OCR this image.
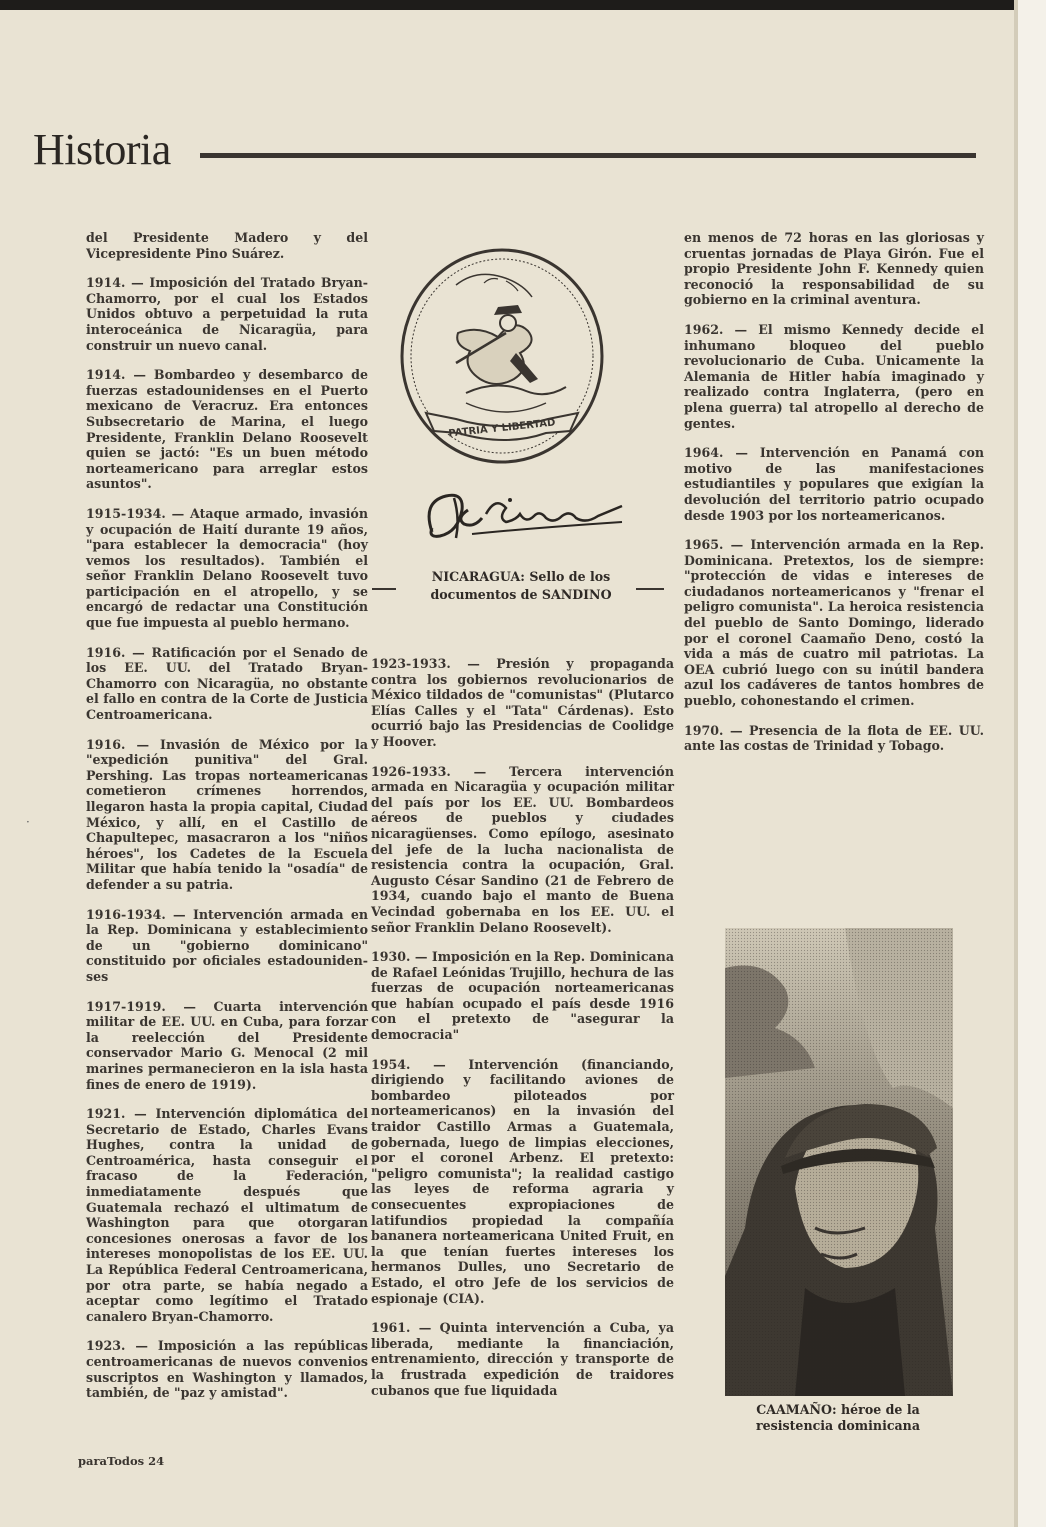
Historia
·

del Presidente Madero y del Vicepresidente Pino Suárez.

1914. — Imposición del Tratado Bryan-Chamorro, por el cual los Estados Unidos obtuvo a perpetuidad la ruta interoceánica de Nicaragüa, para construir un nuevo canal.

1914. — Bombardeo y desembarco de fuerzas estadounidenses en el Puerto mexicano de Veracruz. Era entonces Subsecretario de Marina, el luego Presidente, Franklin Delano Roosevelt quien se jactó: "Es un buen método norteamericano para arreglar estos asuntos".

1915-1934. — Ataque armado, invasión y ocupación de Haití durante 19 años, "para establecer la democracia" (hoy vemos los resultados). También el señor Franklin Delano Roosevelt tuvo participación en el atropello, y se encargó de redactar una Constitución que fue impuesta al pueblo hermano.

1916. — Ratificación por el Senado de los EE. UU. del Tratado Bryan-Chamorro con Nicaragüa, no obstante el fallo en contra de la Corte de Justicia Centroamericana.

1916. — Invasión de México por la "expedición punitiva" del Gral. Pershing. Las tropas norteamericanas cometieron crímenes horrendos, llegaron hasta la propia capital, Ciudad México, y allí, en el Castillo de Chapultepec, masacraron a los "niños héroes", los Cadetes de la Escuela Militar que había tenido la "osadía" de defender a su patria.

1916-1934. — Intervención armada en la Rep. Dominicana y establecimiento de un "gobierno dominicano" constituido por oficiales estadounidenses

1917-1919. — Cuarta intervención militar de EE. UU. en Cuba, para forzar la reelección del Presidente conservador Mario G. Menocal (2 mil marines permanecieron en la isla hasta fines de enero de 1919).

1921. — Intervención diplomática del Secretario de Estado, Charles Evans Hughes, contra la unidad de Centroamérica, hasta conseguir el fracaso de la Federación, inmediatamente después que Guatemala rechazó el ultimatum de Washington para que otorgaran concesiones onerosas a favor de los intereses monopolistas de los EE. UU. La República Federal Centroamericana, por otra parte, se había negado a aceptar como legítimo el Tratado canalero Bryan-Chamorro.

1923. — Imposición a las repúblicas centroamericanas de nuevos convenios suscriptos en Washington y llamados, también, de "paz y amistad".

PATRIA Y LIBERTAD
NICARAGUA: Sello de los
documentos de SANDINO

1923-1933. — Presión y propaganda contra los gobiernos revolucionarios de México tildados de "comunistas" (Plutarco Elías Calles y el "Tata" Cárdenas). Esto ocurrió bajo las Presidencias de Coolidge y Hoover.

1926-1933. — Tercera intervención armada en Nicaragüa y ocupación militar del país por los EE. UU. Bombardeos aéreos de pueblos y ciudades nicaragüenses. Como epílogo, asesinato del jefe de la lucha nacionalista de resistencia contra la ocupación, Gral. Augusto César Sandino (21 de Febrero de 1934, cuando bajo el manto de Buena Vecindad gobernaba en los EE. UU. el señor Franklin Delano Roosevelt).

1930. — Imposición en la Rep. Dominicana de Rafael Leónidas Trujillo, hechura de las fuerzas de ocupación norteamericanas que habían ocupado el país desde 1916 con el pretexto de "asegurar la democracia"

1954. — Intervención (financiando, dirigiendo y facilitando aviones de bombardeo piloteados por norteamericanos) en la invasión del traidor Castillo Armas a Guatemala, gobernada, luego de limpias elecciones, por el coronel Arbenz. El pretexto: "peligro comunista"; la realidad castigo las leyes de reforma agraria y consecuentes expropiaciones de latifundios propiedad la compañía bananera norteamericana United Fruit, en la que tenían fuertes intereses los hermanos Dulles, uno Secretario de Estado, el otro Jefe de los servicios de espionaje (CIA).

1961. — Quinta intervención a Cuba, ya liberada, mediante la financiación, entrenamiento, dirección y transporte de la frustrada expedición de traidores cubanos que fue liquidada

en menos de 72 horas en las gloriosas y cruentas jornadas de Playa Girón. Fue el propio Presidente John F. Kennedy quien reconoció la responsabilidad de su gobierno en la criminal aventura.

1962. — El mismo Kennedy decide el inhumano bloqueo del pueblo revolucionario de Cuba. Unicamente la Alemania de Hitler había imaginado y realizado contra Inglaterra, (pero en plena guerra) tal atropello al derecho de gentes.

1964. — Intervención en Panamá con motivo de las manifestaciones estudiantiles y populares que exigían la devolución del territorio patrio ocupado desde 1903 por los norteamericanos.

1965. — Intervención armada en la Rep. Dominicana. Pretextos, los de siempre: "protección de vidas e intereses de ciudadanos norteamericanos y "frenar el peligro comunista". La heroica resistencia del pueblo de Santo Domingo, liderado por el coronel Caamaño Deno, costó la vida a más de cuatro mil patriotas. La OEA cubrió luego con su inútil bandera azul los cadáveres de tantos hombres de pueblo, cohonestando el crimen.

1970. — Presencia de la flota de EE. UU. ante las costas de Trinidad y Tobago.

CAAMAÑO: héroe de la
resistencia dominicana
paraTodos 24
